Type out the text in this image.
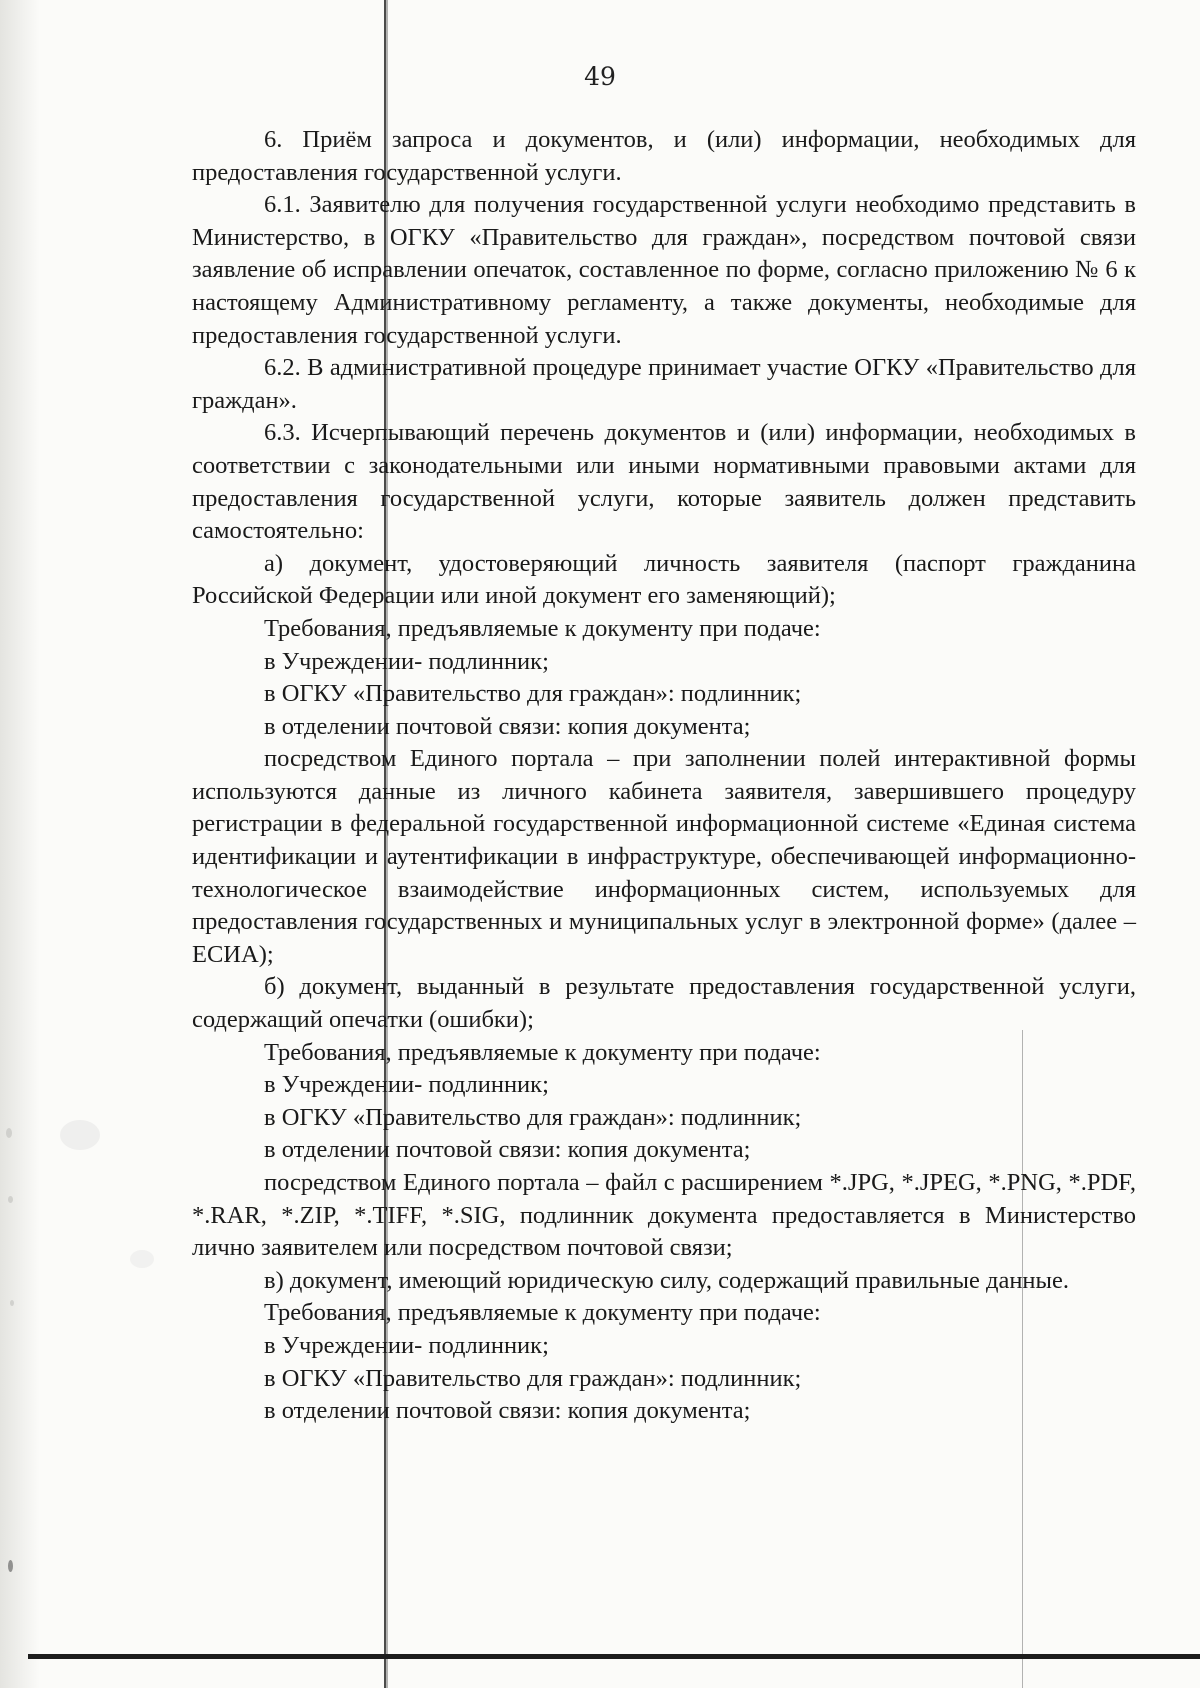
49

6. Приём запроса и документов, и (или) информации, необходимых для предоставления государственной услуги.

6.1. Заявителю для получения государственной услуги необходимо представить в Министерство, в ОГКУ «Правительство для граждан», посредством почтовой связи заявление об исправлении опечаток, составленное по форме, согласно приложению № 6 к настоящему Административному регламенту, а также документы, необходимые для предоставления государственной услуги.

6.2. В административной процедуре принимает участие ОГКУ «Правительство для граждан».

6.3. Исчерпывающий перечень документов и (или) информации, необходимых в соответствии с законодательными или иными нормативными правовыми актами для предоставления государственной услуги, которые заявитель должен представить самостоятельно:

а) документ, удостоверяющий личность заявителя (паспорт гражданина Российской Федерации или иной документ его заменяющий);

Требования, предъявляемые к документу при подаче:

в Учреждении- подлинник;

в ОГКУ «Правительство для граждан»: подлинник;

в отделении почтовой связи: копия документа;

посредством Единого портала – при заполнении полей интерактивной формы используются данные из личного кабинета заявителя, завершившего процедуру регистрации в федеральной государственной информационной системе «Единая система идентификации и аутентификации в инфраструктуре, обеспечивающей информационно-технологическое взаимодействие информационных систем, используемых для предоставления государственных и муниципальных услуг в электронной форме» (далее – ЕСИА);

б) документ, выданный в результате предоставления государственной услуги, содержащий опечатки (ошибки);

Требования, предъявляемые к документу при подаче:

в Учреждении- подлинник;

в ОГКУ «Правительство для граждан»: подлинник;

в отделении почтовой связи: копия документа;

посредством Единого портала – файл с расширением *.JPG, *.JPEG, *.PNG, *.PDF, *.RAR, *.ZIP, *.TIFF, *.SIG, подлинник документа предоставляется в Министерство лично заявителем или посредством почтовой связи;

в) документ, имеющий юридическую силу, содержащий правильные данные.

Требования, предъявляемые к документу при подаче:

в Учреждении- подлинник;

в ОГКУ «Правительство для граждан»: подлинник;

в отделении почтовой связи: копия документа;
